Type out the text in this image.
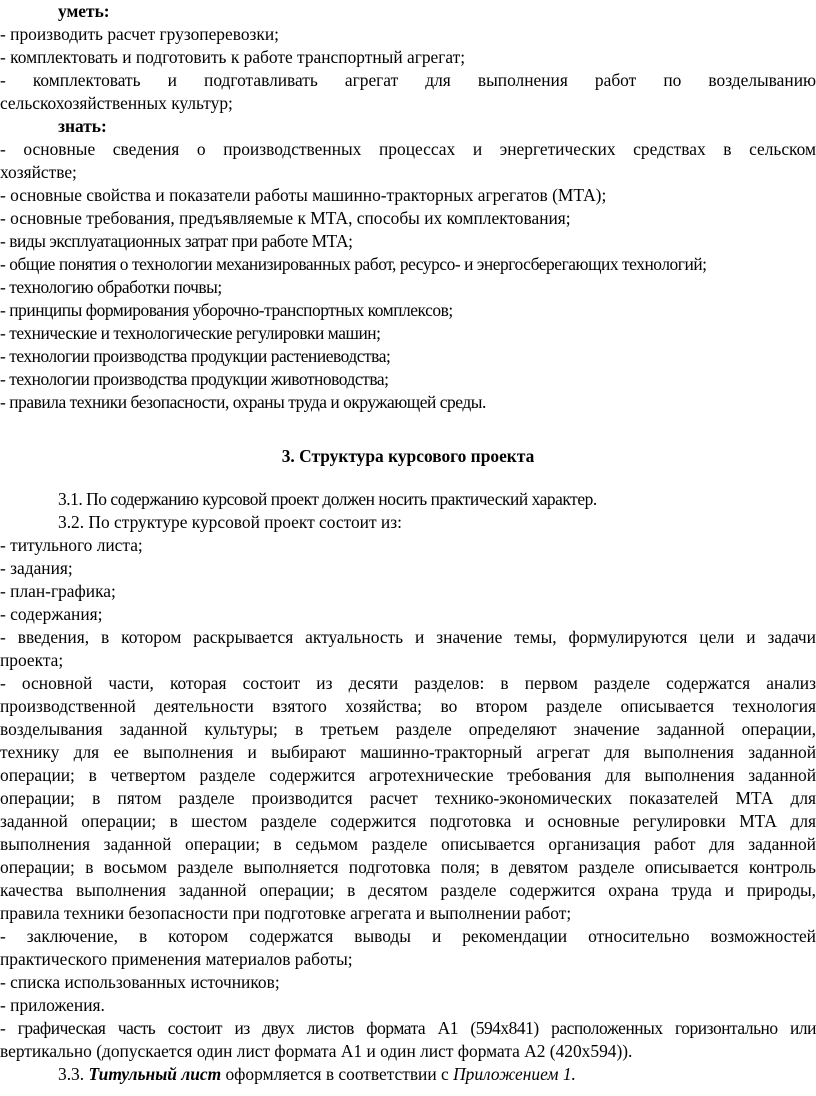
уметь:
- производить расчет грузоперевозки;
- комплектовать и подготовить к работе транспортный агрегат;
- комплектовать и подготавливать агрегат для выполнения работ по возделыванию
сельскохозяйственных культур;
знать:
- основные сведения о производственных процессах и энергетических средствах в сельском
хозяйстве;
- основные свойства и показатели работы машинно-тракторных агрегатов (МТА);
- основные требования, предъявляемые к МТА, способы их комплектования;
- виды эксплуатационных затрат при работе МТА;
- общие понятия о технологии механизированных работ, ресурсо- и энергосберегающих технологий;
- технологию обработки почвы;
- принципы формирования уборочно-транспортных комплексов;
- технические и технологические регулировки машин;
- технологии производства продукции растениеводства;
- технологии производства продукции животноводства;
- правила техники безопасности, охраны труда и окружающей среды.
3. Структура курсового проекта
3.1. По содержанию курсовой проект должен носить практический характер.
3.2. По структуре курсовой проект состоит из:
- титульного листа;
- задания;
- план-графика;
- содержания;
- введения, в котором раскрывается актуальность и значение темы, формулируются цели и задачи
проекта;
- основной части, которая состоит из десяти разделов: в первом разделе содержатся анализ
производственной деятельности взятого хозяйства; во втором разделе описывается технология
возделывания заданной культуры; в третьем разделе определяют значение заданной операции,
технику для ее выполнения и выбирают машинно-тракторный агрегат для выполнения заданной
операции; в четвертом разделе содержится агротехнические требования для выполнения заданной
операции; в пятом разделе производится расчет технико-экономических показателей МТА для
заданной операции; в шестом разделе содержится подготовка и основные регулировки МТА для
выполнения заданной операции; в седьмом разделе описывается организация работ для заданной
операции; в восьмом разделе выполняется подготовка поля; в девятом разделе описывается контроль
качества выполнения заданной операции; в десятом разделе содержится охрана труда и природы,
правила техники безопасности при подготовке агрегата и выполнении работ;
- заключение, в котором содержатся выводы и рекомендации относительно возможностей
практического применения материалов работы;
- списка использованных источников;
- приложения.
- графическая часть состоит из двух листов формата А1 (594x841) расположенных горизонтально или
вертикально (допускается один лист формата А1 и один лист формата А2 (420x594)).
3.3. Титульный лист оформляется в соответствии с Приложением 1.
